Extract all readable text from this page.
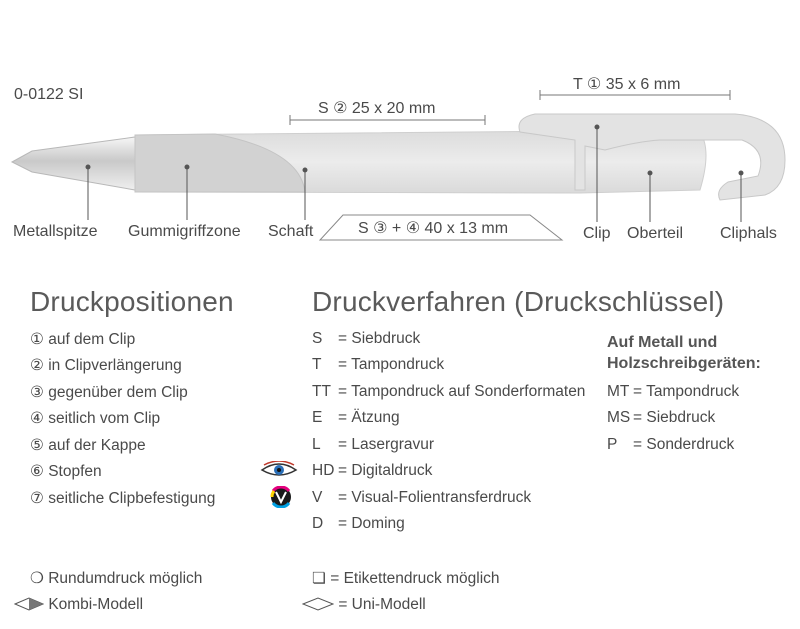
0-0122 SI
T ① 35 x 6 mm
S ② 25 x 20 mm
S ③ + ④ 40 x 13 mm
Metallspitze Gummigriffzone Schaft	Clip Oberteil Cliphals
Druckpositionen
① auf dem Clip
② in Clipverlängerung
③ gegenüber dem Clip
④ seitlich vom Clip
⑤ auf der Kappe
⑥ Stopfen
⑦ seitliche Clipbefestigung
Druckverfahren (Druckschlüssel)
S = Siebdruck
T = Tampondruck
TT = Tampondruck auf Sonderformaten
E = Ätzung
L = Lasergravur
HD = Digitaldruck
V = Visual-Folientransferdruck
D = Doming
Auf Metall und
Holzschreibgeräten:
MT = Tampondruck
MS = Siebdruck
P = Sonderdruck
❍ Rundumdruck möglich
Kombi-Modell
❏ = Etikettendruck möglich
= Uni-Modell
